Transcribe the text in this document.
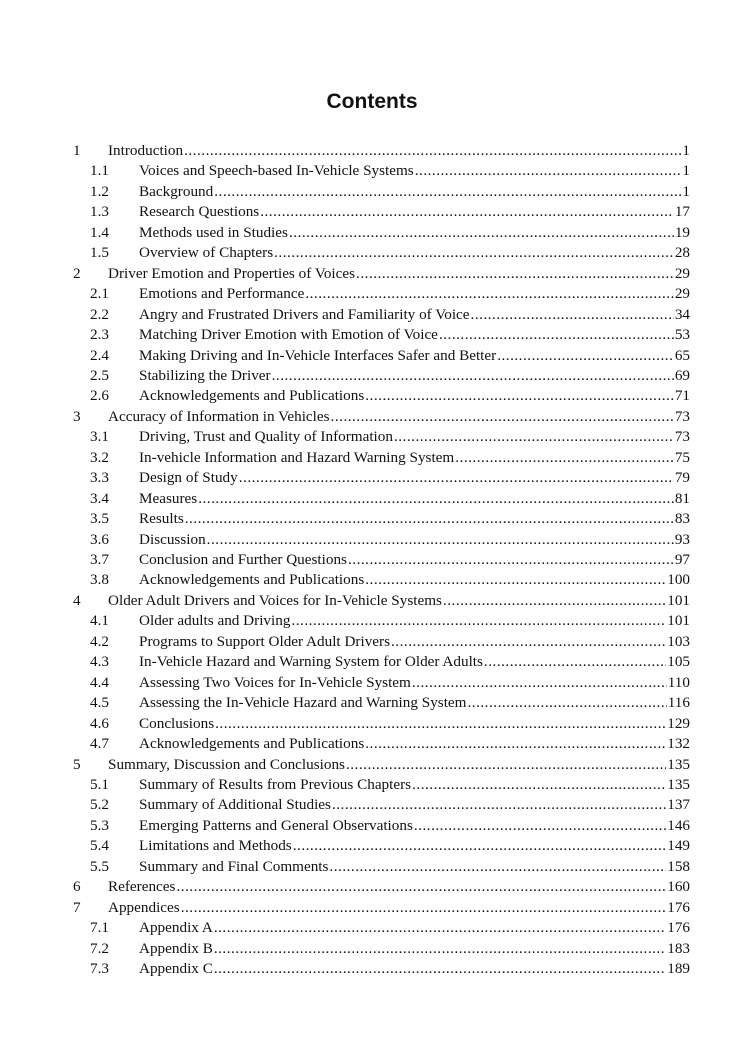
Contents
1 Introduction .....	1
1.1 Voices and Speech-based In-Vehicle Systems .....	1
1.2 Background .....	1
1.3 Research Questions .....	17
1.4 Methods used in Studies .....	19
1.5 Overview of Chapters .....	28
2 Driver Emotion and Properties of Voices .....	29
2.1 Emotions and Performance .....	29
2.2 Angry and Frustrated Drivers and Familiarity of Voice .....	34
2.3 Matching Driver Emotion with Emotion of Voice .....	53
2.4 Making Driving and In-Vehicle Interfaces Safer and Better .....	65
2.5 Stabilizing the Driver .....	69
2.6 Acknowledgements and Publications .....	71
3 Accuracy of Information in Vehicles .....	73
3.1 Driving, Trust and Quality of Information .....	73
3.2 In-vehicle Information and Hazard Warning System .....	75
3.3 Design of Study .....	79
3.4 Measures .....	81
3.5 Results .....	83
3.6 Discussion .....	93
3.7 Conclusion and Further Questions .....	97
3.8 Acknowledgements and Publications .....	100
4 Older Adult Drivers and Voices for In-Vehicle Systems .....	101
4.1 Older adults and Driving .....	101
4.2 Programs to Support Older Adult Drivers .....	103
4.3 In-Vehicle Hazard and Warning System for Older Adults .....	105
4.4 Assessing Two Voices for In-Vehicle System .....	110
4.5 Assessing the In-Vehicle Hazard and Warning System .....	116
4.6 Conclusions .....	129
4.7 Acknowledgements and Publications .....	132
5 Summary, Discussion and Conclusions .....	135
5.1 Summary of Results from Previous Chapters .....	135
5.2 Summary of Additional Studies .....	137
5.3 Emerging Patterns and General Observations .....	146
5.4 Limitations and Methods .....	149
5.5 Summary and Final Comments .....	158
6 References .....	160
7 Appendices .....	176
7.1 Appendix A .....	176
7.2 Appendix B .....	183
7.3 Appendix C .....	189
